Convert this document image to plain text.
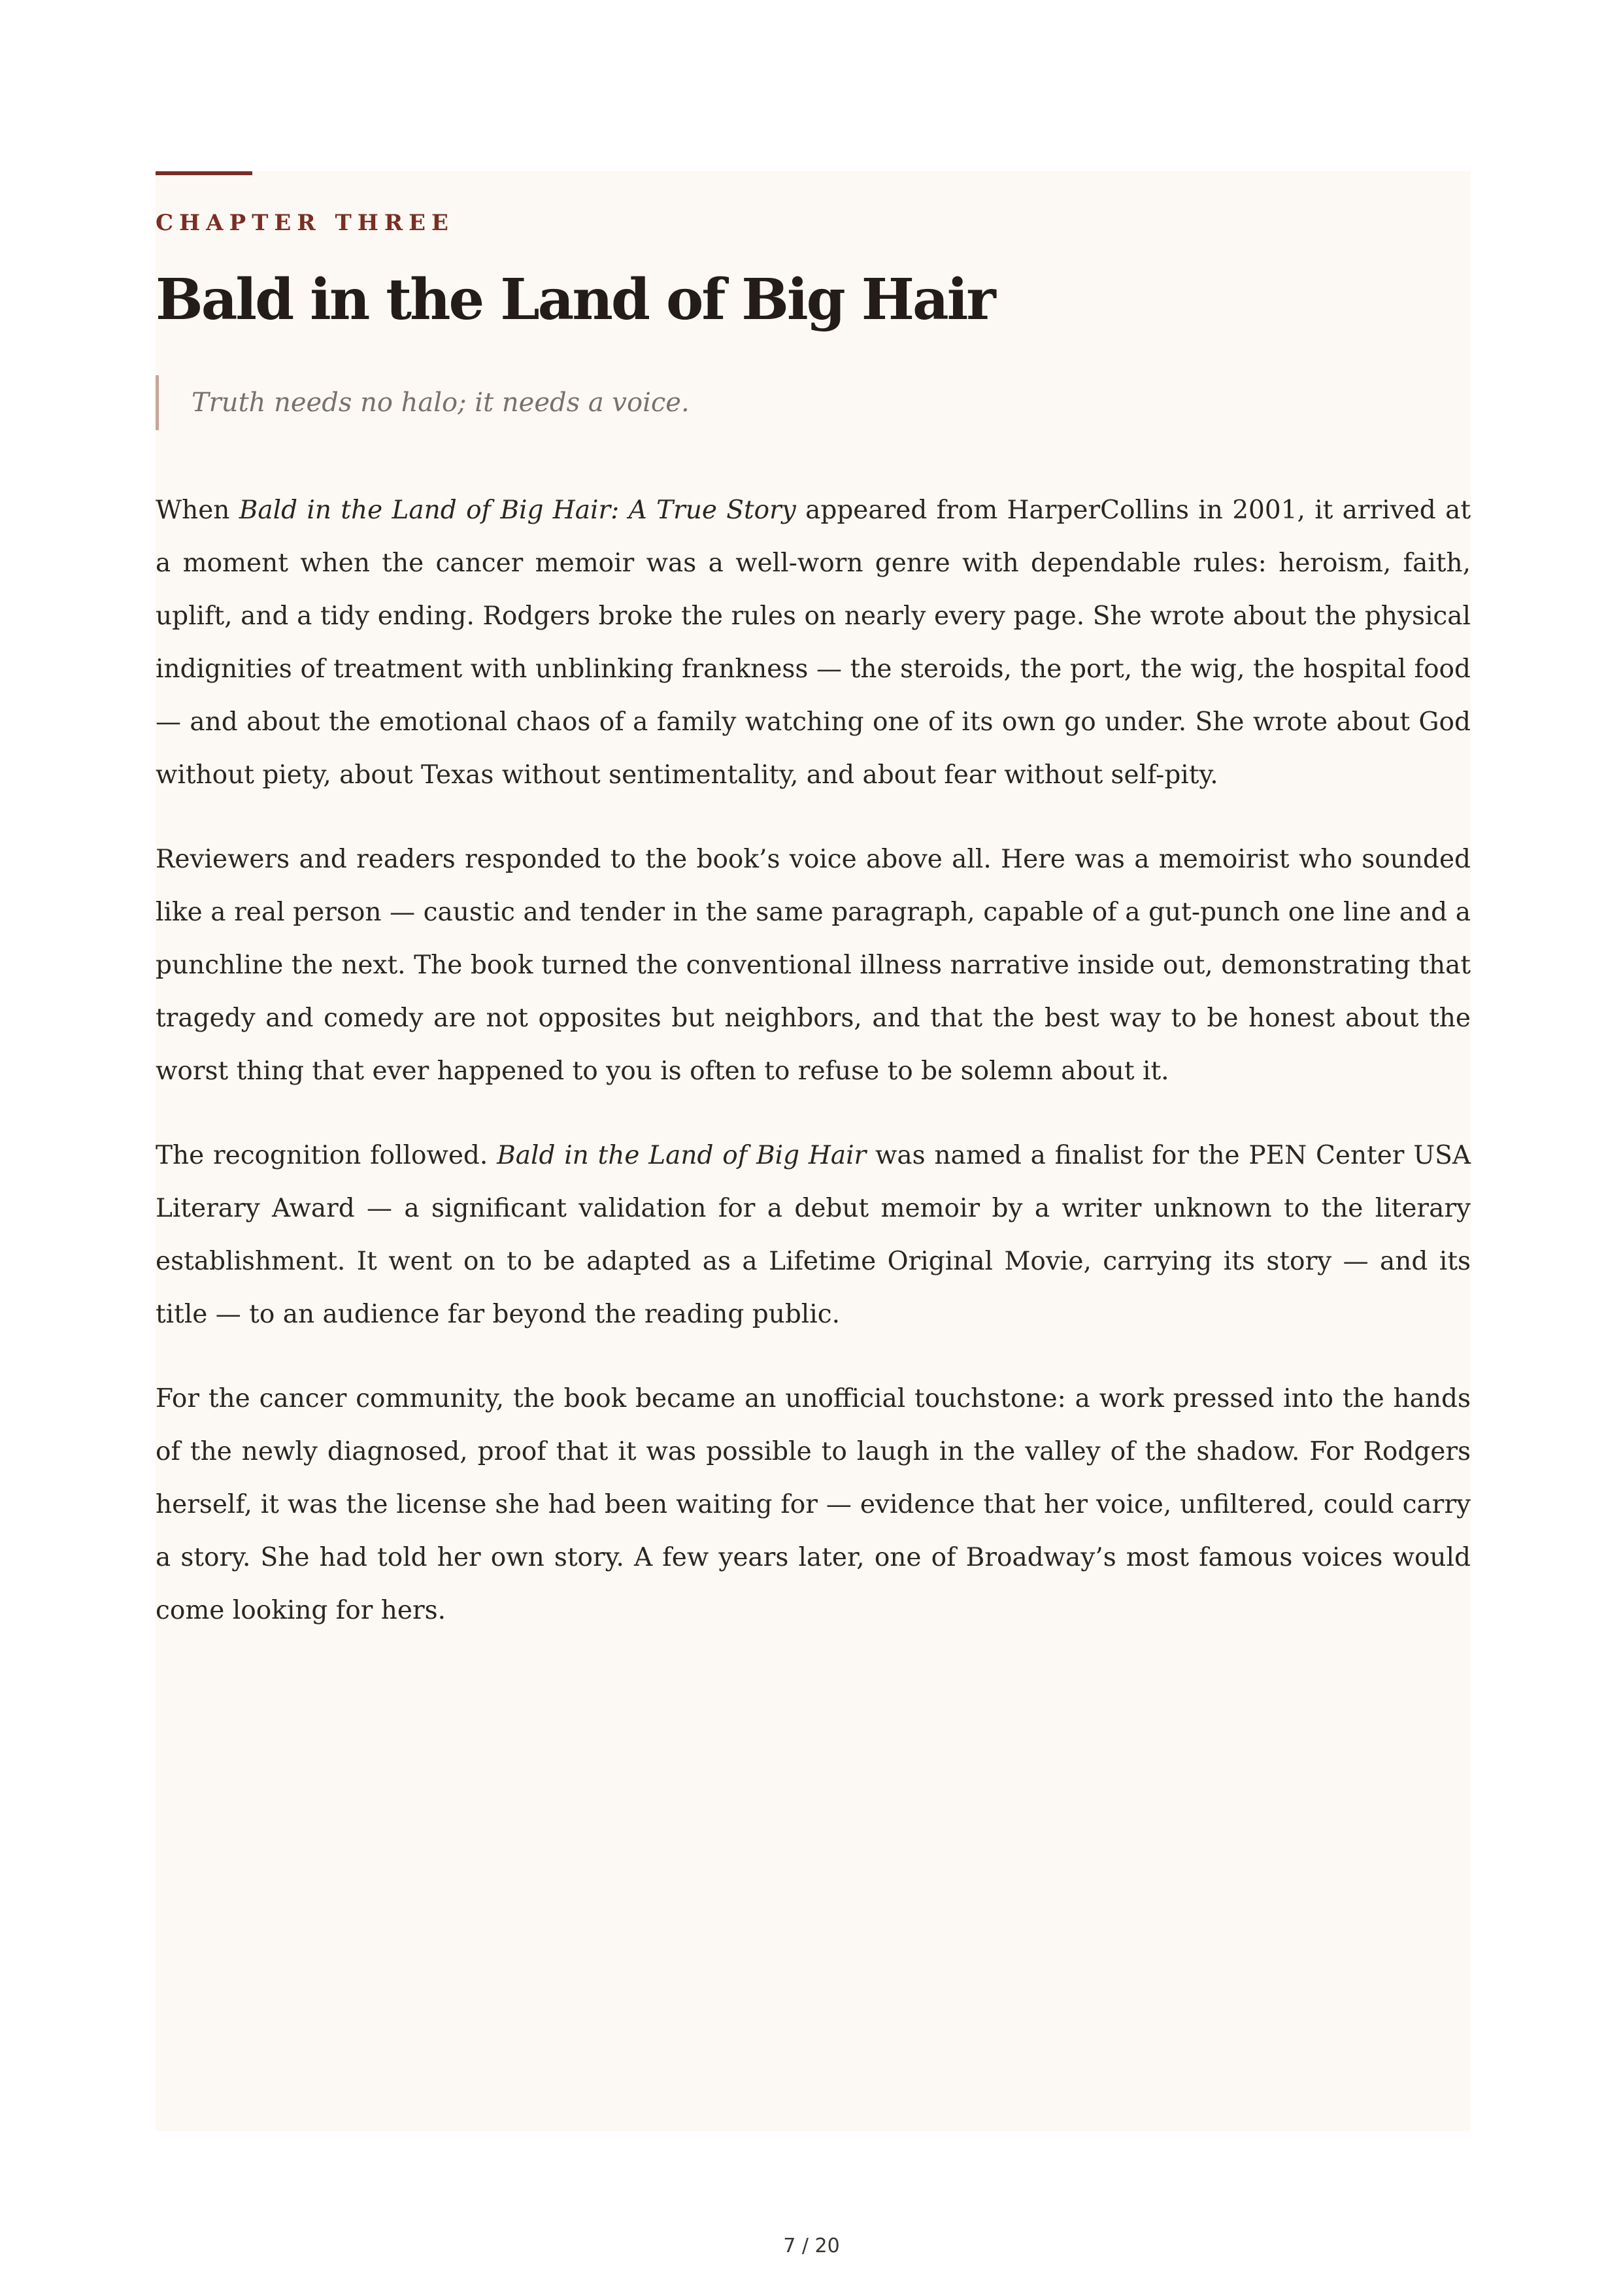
CHAPTER THREE
Bald in the Land of Big Hair
Truth needs no halo; it needs a voice.

When Bald in the Land of Big Hair: A True Story appeared from HarperCollins in 2001, it arrived at a moment when the cancer memoir was a well-worn genre with dependable rules: heroism, faith, uplift, and a tidy ending. Rodgers broke the rules on nearly every page. She wrote about the physical indignities of treatment with unblinking frankness — the steroids, the port, the wig, the hospital food — and about the emotional chaos of a family watching one of its own go under. She wrote about God without piety, about Texas without sentimentality, and about fear without self-pity.

Reviewers and readers responded to the book’s voice above all. Here was a memoirist who sounded like a real person — caustic and tender in the same paragraph, capable of a gut-punch one line and a punchline the next. The book turned the conventional illness narrative inside out, demonstrating that tragedy and comedy are not opposites but neighbors, and that the best way to be honest about the worst thing that ever happened to you is often to refuse to be solemn about it.

The recognition followed. Bald in the Land of Big Hair was named a finalist for the PEN Center USA Literary Award — a significant validation for a debut memoir by a writer unknown to the literary establishment. It went on to be adapted as a Lifetime Original Movie, carrying its story — and its title — to an audience far beyond the reading public.

For the cancer community, the book became an unofficial touchstone: a work pressed into the hands of the newly diagnosed, proof that it was possible to laugh in the valley of the shadow. For Rodgers herself, it was the license she had been waiting for — evidence that her voice, unfiltered, could carry a story. She had told her own story. A few years later, one of Broadway’s most famous voices would come looking for hers.

7 / 20
